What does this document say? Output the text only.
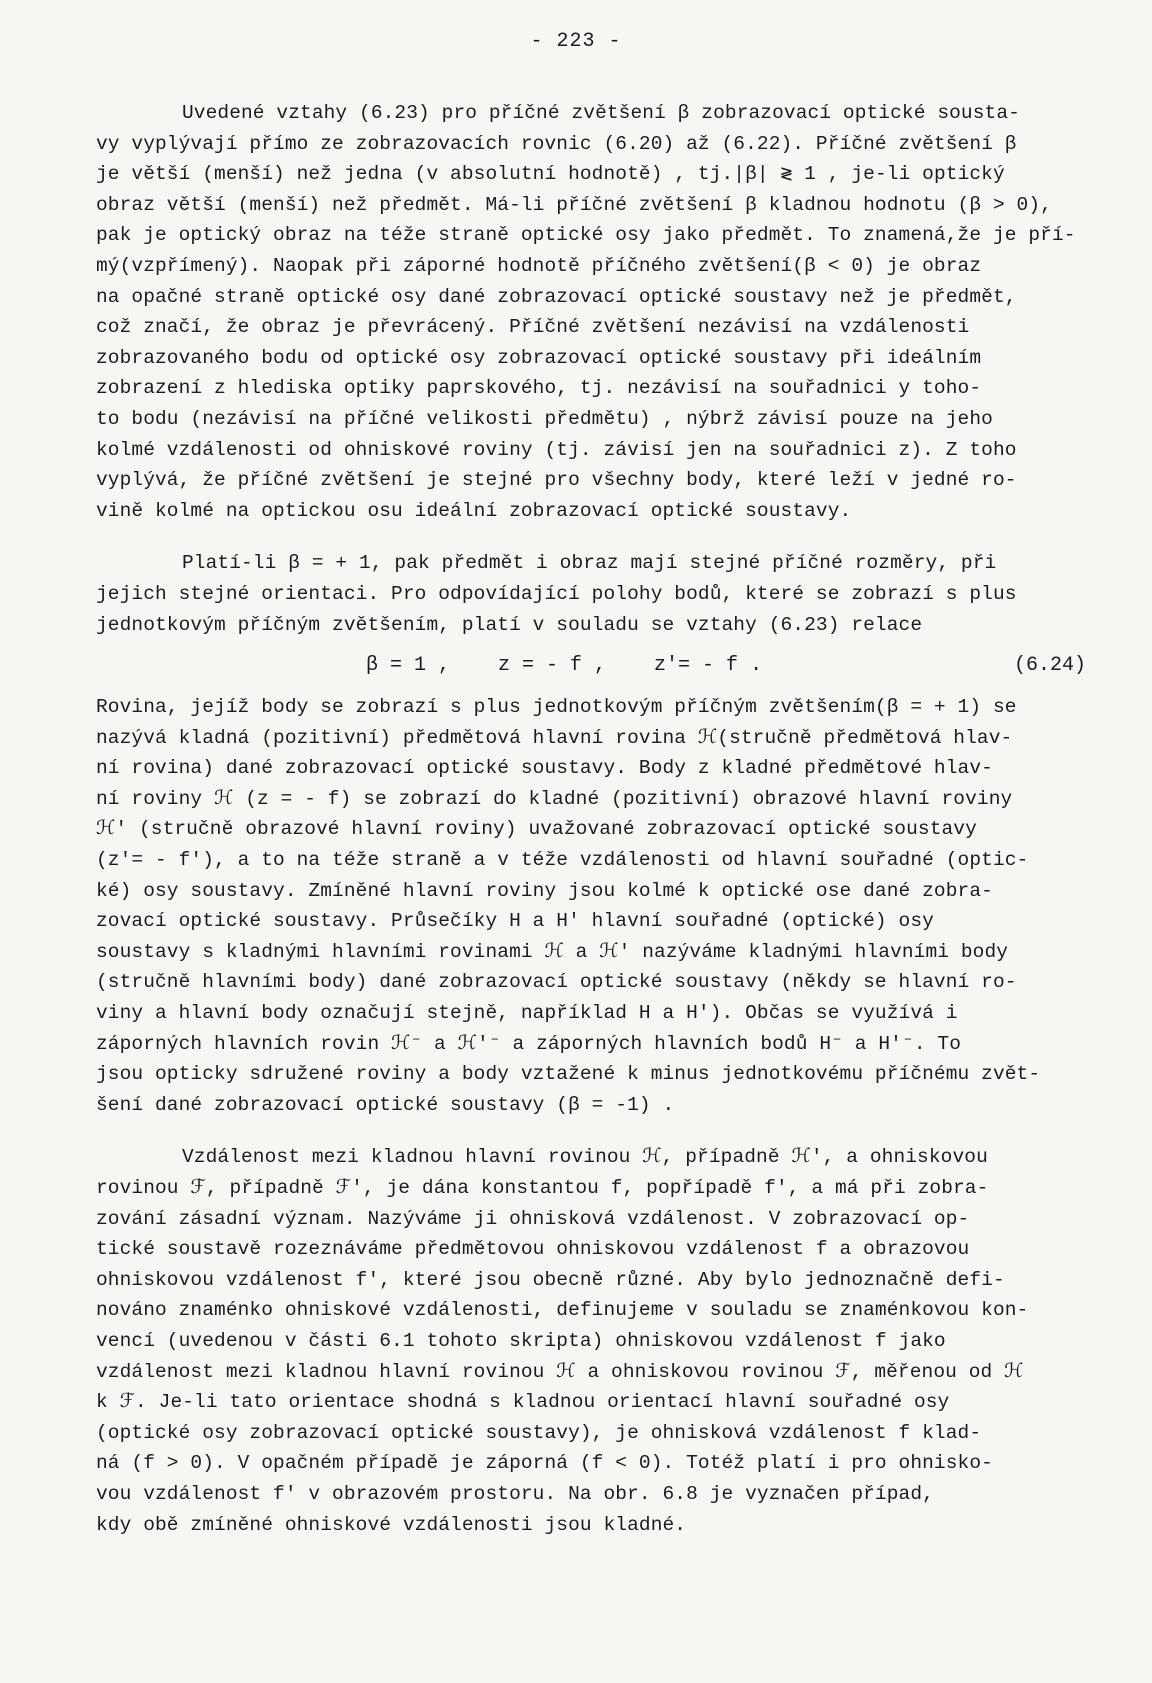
- 223 -
Uvedené vztahy (6.23) pro příčné zvětšení β zobrazovací optické sousta-
vy vyplývají přímo ze zobrazovacích rovnic (6.20) až (6.22). Příčné zvětšení β
je větší (menší) než jedna (v absolutní hodnotě) , tj.|β| ≷ 1 , je-li optický
obraz větší (menší) než předmět. Má-li příčné zvětšení β kladnou hodnotu (β > 0),
pak je optický obraz na téže straně optické osy jako předmět. To znamená,že je pří-
mý(vzpřímený). Naopak při záporné hodnotě příčného zvětšení(β < 0) je obraz
na opačné straně optické osy dané zobrazovací optické soustavy než je předmět,
což značí, že obraz je převrácený. Příčné zvětšení nezávisí na vzdálenosti
zobrazovaného bodu od optické osy zobrazovací optické soustavy při ideálním
zobrazení z hlediska optiky paprskového, tj. nezávisí na souřadnici y toho-
to bodu (nezávisí na příčné velikosti předmětu) , nýbrž závisí pouze na jeho
kolmé vzdálenosti od ohniskové roviny (tj. závisí jen na souřadnici z). Z toho
vyplývá, že příčné zvětšení je stejné pro všechny body, které leží v jedné ro-
vině kolmé na optickou osu ideální zobrazovací optické soustavy.
Platí-li β = + 1, pak předmět i obraz mají stejné příčné rozměry, při
jejich stejné orientaci. Pro odpovídající polohy bodů, které se zobrazí s plus
jednotkovým příčným zvětšením, platí v souladu se vztahy (6.23) relace
β = 1 ,    z = - f ,    z′= - f .	(6.24)
Rovina, jejíž body se zobrazí s plus jednotkovým příčným zvětšením(β = + 1) se
nazývá kladná (pozitivní) předmětová hlavní rovina ℋ(stručně předmětová hlav-
ní rovina) dané zobrazovací optické soustavy. Body z kladné předmětové hlav-
ní roviny ℋ (z = - f) se zobrazí do kladné (pozitivní) obrazové hlavní roviny
ℋ′ (stručně obrazové hlavní roviny) uvažované zobrazovací optické soustavy
(z′= - f′), a to na téže straně a v téže vzdálenosti od hlavní souřadné (optic-
ké) osy soustavy. Zmíněné hlavní roviny jsou kolmé k optické ose dané zobra-
zovací optické soustavy. Průsečíky H a H′ hlavní souřadné (optické) osy
soustavy s kladnými hlavními rovinami ℋ a ℋ′ nazýváme kladnými hlavními body
(stručně hlavními body) dané zobrazovací optické soustavy (někdy se hlavní ro-
viny a hlavní body označují stejně, například H a H′). Občas se využívá i
záporných hlavních rovin ℋ⁻ a ℋ′⁻ a záporných hlavních bodů H⁻ a H′⁻. To
jsou opticky sdružené roviny a body vztažené k minus jednotkovému příčnému zvět-
šení dané zobrazovací optické soustavy (β = -1) .
Vzdálenost mezi kladnou hlavní rovinou ℋ, případně ℋ′, a ohniskovou
rovinou ℱ, případně ℱ′, je dána konstantou f, popřípadě f′, a má při zobra-
zování zásadní význam. Nazýváme ji ohnisková vzdálenost. V zobrazovací op-
tické soustavě rozeznáváme předmětovou ohniskovou vzdálenost f a obrazovou
ohniskovou vzdálenost f′, které jsou obecně různé. Aby bylo jednoznačně defi-
nováno znaménko ohniskové vzdálenosti, definujeme v souladu se znaménkovou kon-
vencí (uvedenou v části 6.1 tohoto skripta) ohniskovou vzdálenost f jako
vzdálenost mezi kladnou hlavní rovinou ℋ a ohniskovou rovinou ℱ, měřenou od ℋ
k ℱ. Je-li tato orientace shodná s kladnou orientací hlavní souřadné osy
(optické osy zobrazovací optické soustavy), je ohnisková vzdálenost f klad-
ná (f > 0). V opačném případě je záporná (f < 0). Totéž platí i pro ohnisko-
vou vzdálenost f′ v obrazovém prostoru. Na obr. 6.8 je vyznačen případ,
kdy obě zmíněné ohniskové vzdálenosti jsou kladné.
